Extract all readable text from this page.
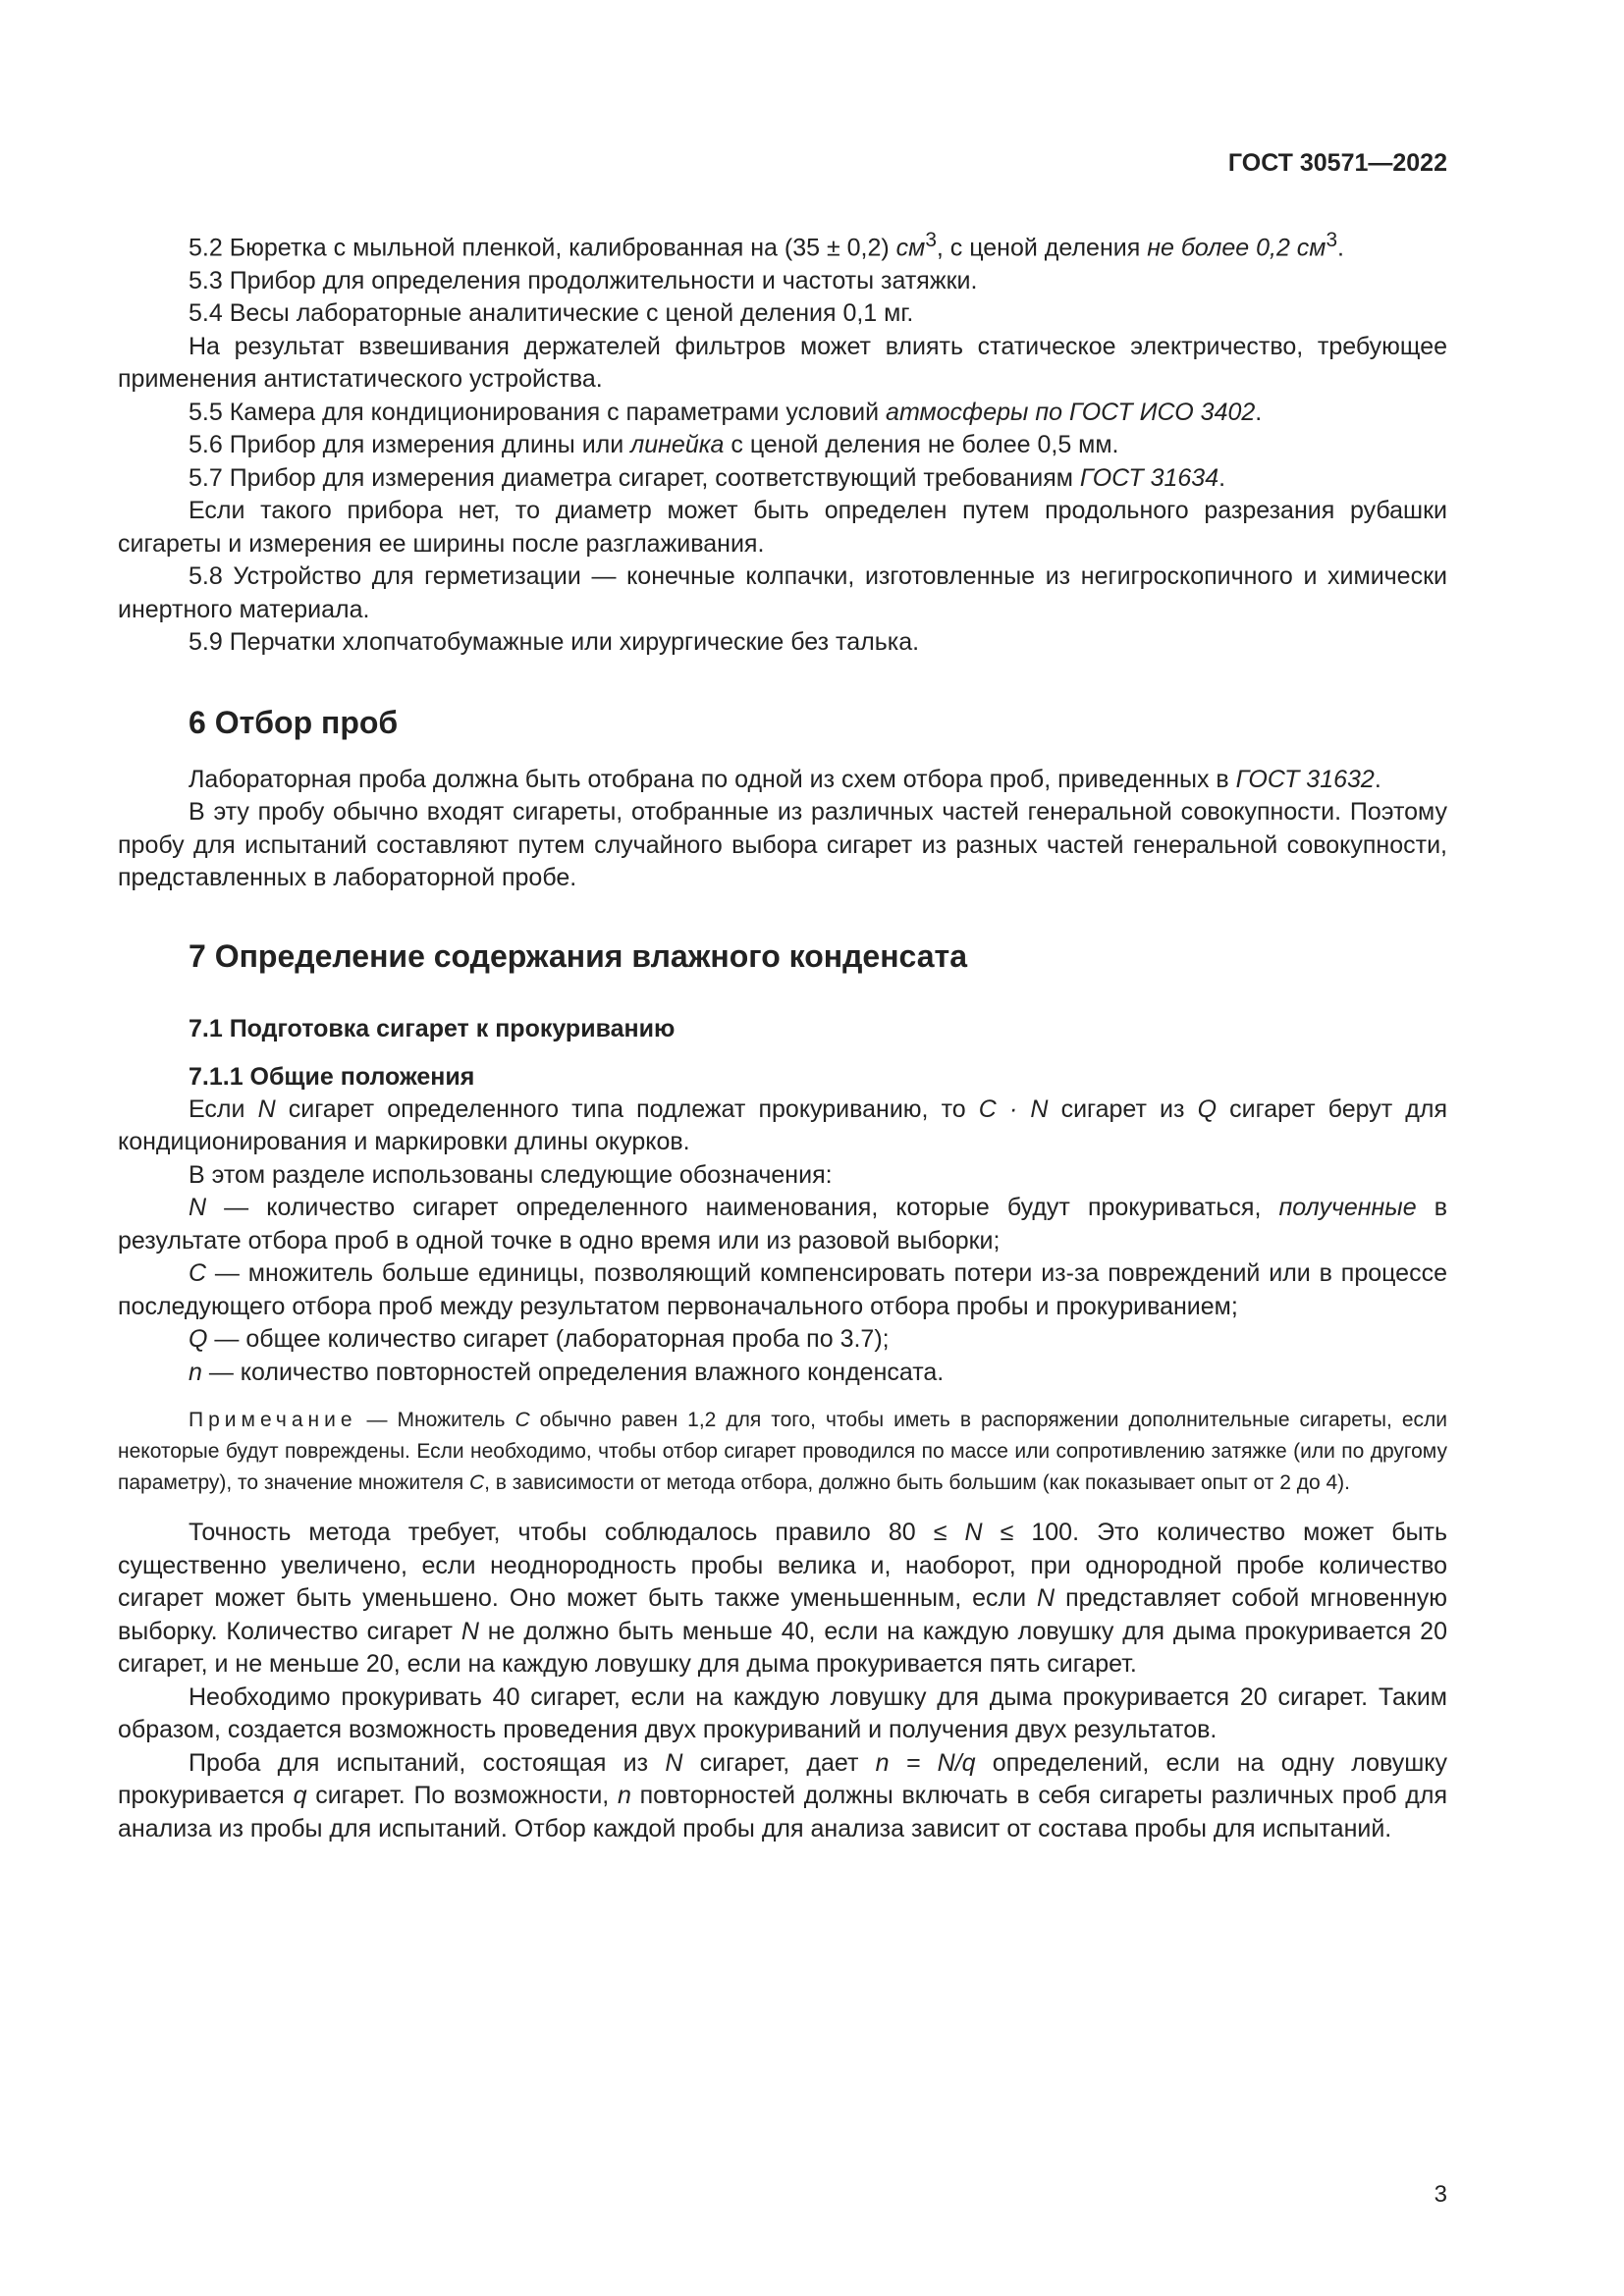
ГОСТ 30571—2022

5.2 Бюретка с мыльной пленкой, калиброванная на (35 ± 0,2) $см^3$, с ценой деления не более 0,2 $см^3$.

5.3 Прибор для определения продолжительности и частоты затяжки.

5.4 Весы лабораторные аналитические с ценой деления 0,1 мг.

На результат взвешивания держателей фильтров может влиять статическое электричество, требующее применения антистатического устройства.

5.5 Камера для кондиционирования с параметрами условий атмосферы по ГОСТ ИСО 3402.

5.6 Прибор для измерения длины или линейка с ценой деления не более 0,5 мм.

5.7 Прибор для измерения диаметра сигарет, соответствующий требованиям ГОСТ 31634.

Если такого прибора нет, то диаметр может быть определен путем продольного разрезания рубашки сигареты и измерения ее ширины после разглаживания.

5.8 Устройство для герметизации — конечные колпачки, изготовленные из негигроскопичного и химически инертного материала.

5.9 Перчатки хлопчатобумажные или хирургические без талька.

6 Отбор проб

Лабораторная проба должна быть отобрана по одной из схем отбора проб, приведенных в ГОСТ 31632.

В эту пробу обычно входят сигареты, отобранные из различных частей генеральной совокупности. Поэтому пробу для испытаний составляют путем случайного выбора сигарет из разных частей генеральной совокупности, представленных в лабораторной пробе.

7 Определение содержания влажного конденсата
7.1 Подготовка сигарет к прокуриванию
7.1.1 Общие положения

Если N сигарет определенного типа подлежат прокуриванию, то C · N сигарет из Q сигарет берут для кондиционирования и маркировки длины окурков.

В этом разделе использованы следующие обозначения:

N — количество сигарет определенного наименования, которые будут прокуриваться, полученные в результате отбора проб в одной точке в одно время или из разовой выборки;

C — множитель больше единицы, позволяющий компенсировать потери из-за повреждений или в процессе последующего отбора проб между результатом первоначального отбора пробы и прокуриванием;

Q — общее количество сигарет (лабораторная проба по 3.7);

n — количество повторностей определения влажного конденсата.

Примечание — Множитель C обычно равен 1,2 для того, чтобы иметь в распоряжении дополнительные сигареты, если некоторые будут повреждены. Если необходимо, чтобы отбор сигарет проводился по массе или сопротивлению затяжке (или по другому параметру), то значение множителя C, в зависимости от метода отбора, должно быть большим (как показывает опыт от 2 до 4).

Точность метода требует, чтобы соблюдалось правило 80 ≤ N ≤ 100. Это количество может быть существенно увеличено, если неоднородность пробы велика и, наоборот, при однородной пробе количество сигарет может быть уменьшено. Оно может быть также уменьшенным, если N представляет собой мгновенную выборку. Количество сигарет N не должно быть меньше 40, если на каждую ловушку для дыма прокуривается 20 сигарет, и не меньше 20, если на каждую ловушку для дыма прокуривается пять сигарет.

Необходимо прокуривать 40 сигарет, если на каждую ловушку для дыма прокуривается 20 сигарет. Таким образом, создается возможность проведения двух прокуриваний и получения двух результатов.

Проба для испытаний, состоящая из N сигарет, дает n = N/q определений, если на одну ловушку прокуривается q сигарет. По возможности, n повторностей должны включать в себя сигареты различных проб для анализа из пробы для испытаний. Отбор каждой пробы для анализа зависит от состава пробы для испытаний.

3
